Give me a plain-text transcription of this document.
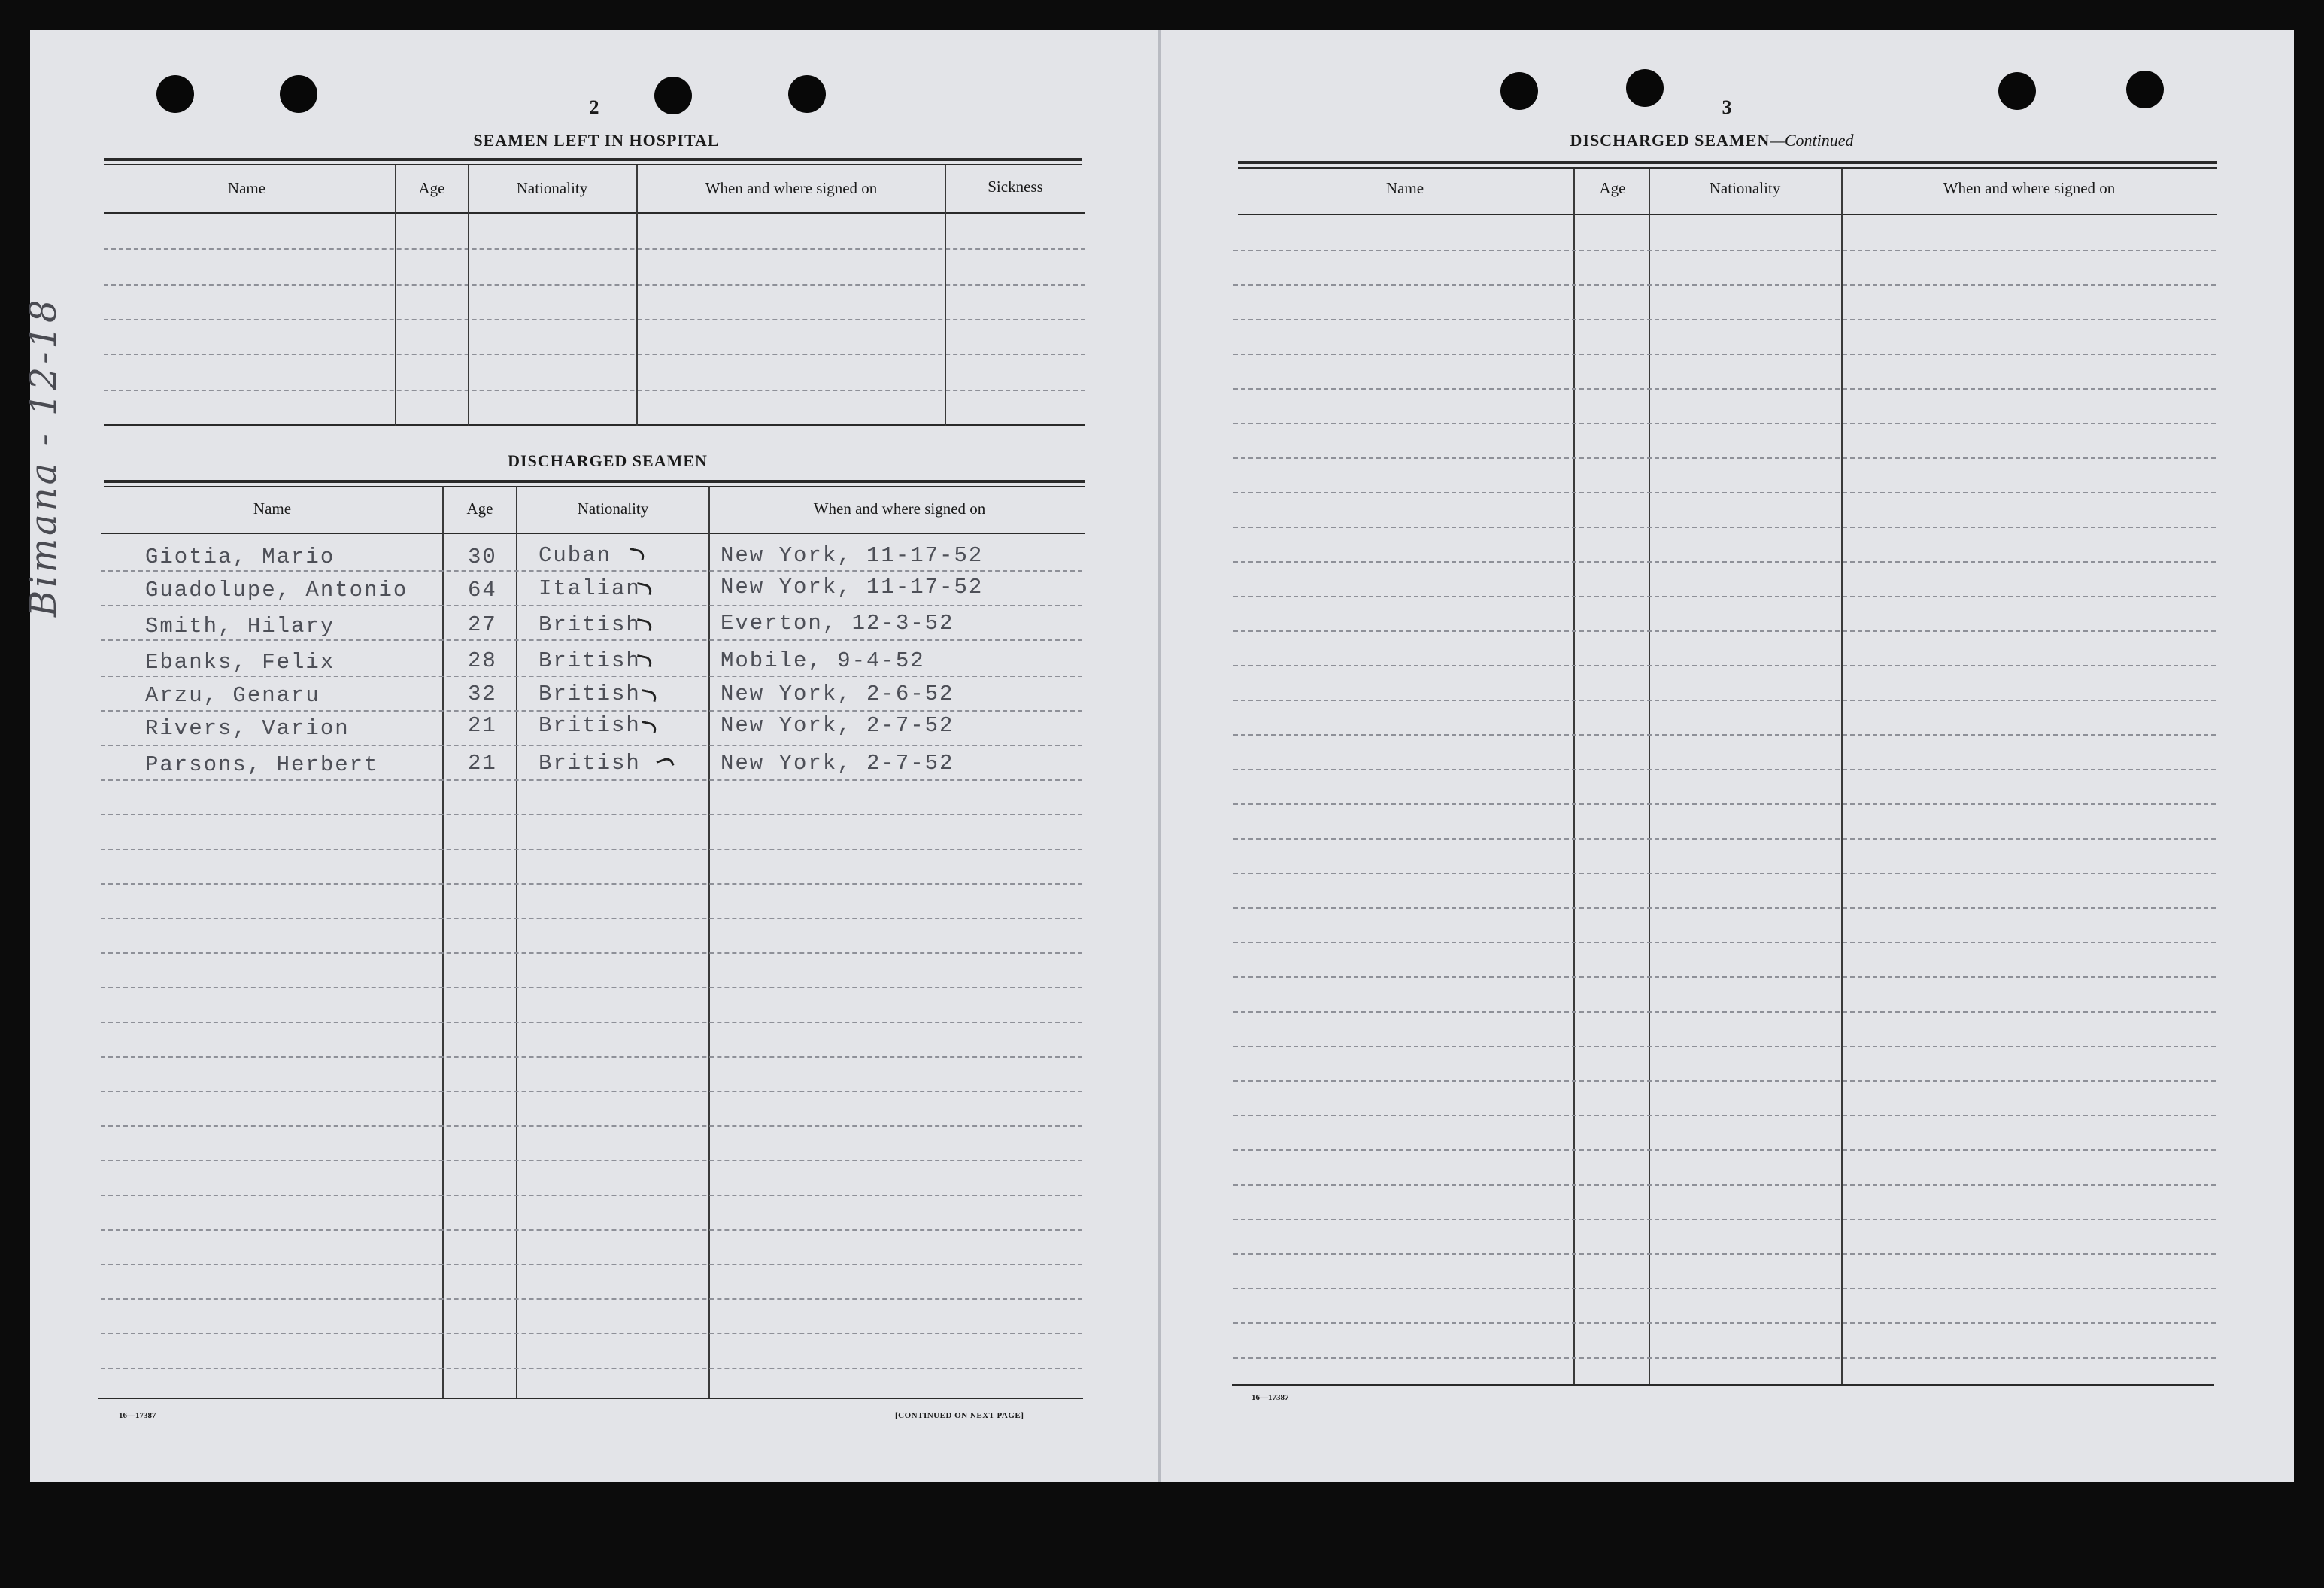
Bimana - 12-18
2
SEAMEN LEFT IN HOSPITAL
Name	Age	Nationality	When and where signed on	Sickness
DISCHARGED SEAMEN
Name	Age	Nationality	When and where signed on
Giotia, Mario	30 Cuban	New York, 11-17-52
Guadolupe, Antonio	64 Italian	New York, 11-17-52
Smith, Hilary	27 British	Everton, 12-3-52
Ebanks, Felix	28 British	Mobile, 9-4-52
Arzu, Genaru	32 British	New York, 2-6-52
Rivers, Varion	21 British	New York, 2-7-52
Parsons, Herbert	21 British	New York, 2-7-52
16—17387	[CONTINUED ON NEXT PAGE]
3
DISCHARGED SEAMEN—Continued
Name	Age	Nationality	When and where signed on
16—17387
